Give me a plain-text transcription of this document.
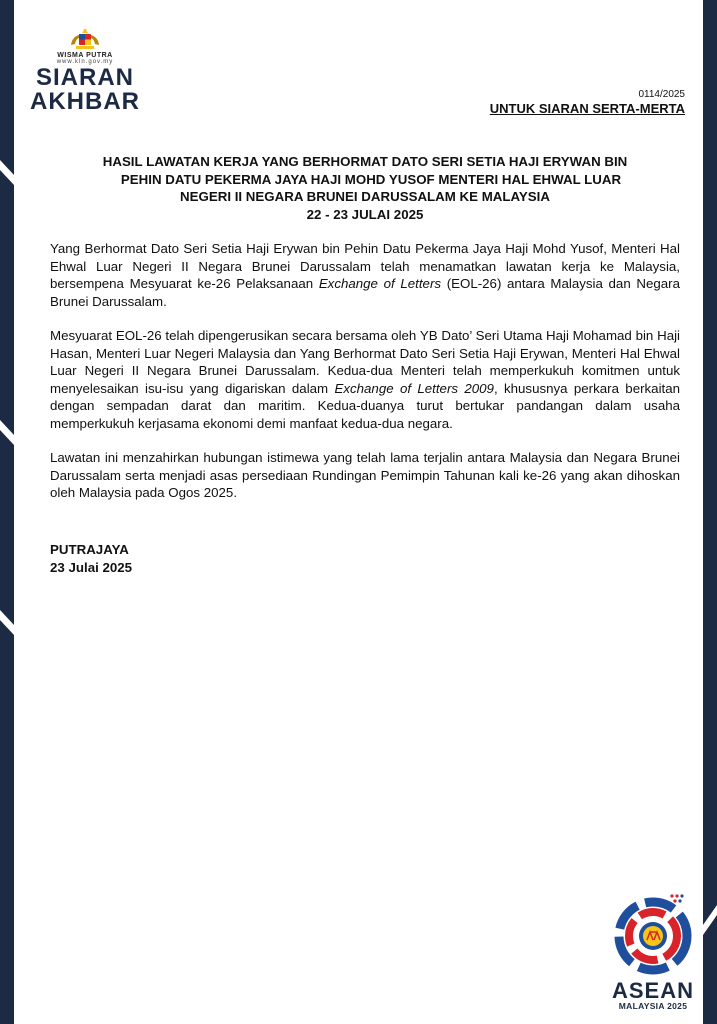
WISMA PUTRA
www.kln.gov.my
SIARAN
AKHBAR	0114/2025
UNTUK SIARAN SERTA-MERTA
HASIL LAWATAN KERJA YANG BERHORMAT DATO SERI SETIA HAJI ERYWAN BIN
PEHIN DATU PEKERMA JAYA HAJI MOHD YUSOF MENTERI HAL EHWAL LUAR
NEGERI II NEGARA BRUNEI DARUSSALAM KE MALAYSIA
22 - 23 JULAI 2025

Yang Berhormat Dato Seri Setia Haji Erywan bin Pehin Datu Pekerma Jaya Haji Mohd Yusof, Menteri Hal Ehwal Luar Negeri II Negara Brunei Darussalam telah menamatkan lawatan kerja ke Malaysia, bersempena Mesyuarat ke-26 Pelaksanaan Exchange of Letters (EOL-26) antara Malaysia dan Negara Brunei Darussalam.

Mesyuarat EOL-26 telah dipengerusikan secara bersama oleh YB Dato’ Seri Utama Haji Mohamad bin Haji Hasan, Menteri Luar Negeri Malaysia dan Yang Berhormat Dato Seri Setia Haji Erywan, Menteri Hal Ehwal Luar Negeri II Negara Brunei Darussalam. Kedua-dua Menteri telah memperkukuh komitmen untuk menyelesaikan isu-isu yang digariskan dalam Exchange of Letters 2009, khususnya perkara berkaitan dengan sempadan darat dan maritim. Kedua-duanya turut bertukar pandangan dalam usaha memperkukuh kerjasama ekonomi demi manfaat kedua-dua negara.

Lawatan ini menzahirkan hubungan istimewa yang telah lama terjalin antara Malaysia dan Negara Brunei Darussalam serta menjadi asas persediaan Rundingan Pemimpin Tahunan kali ke-26 yang akan dihoskan oleh Malaysia pada Ogos 2025.

PUTRAJAYA
23 Julai 2025
ASEAN
MALAYSIA 2025
